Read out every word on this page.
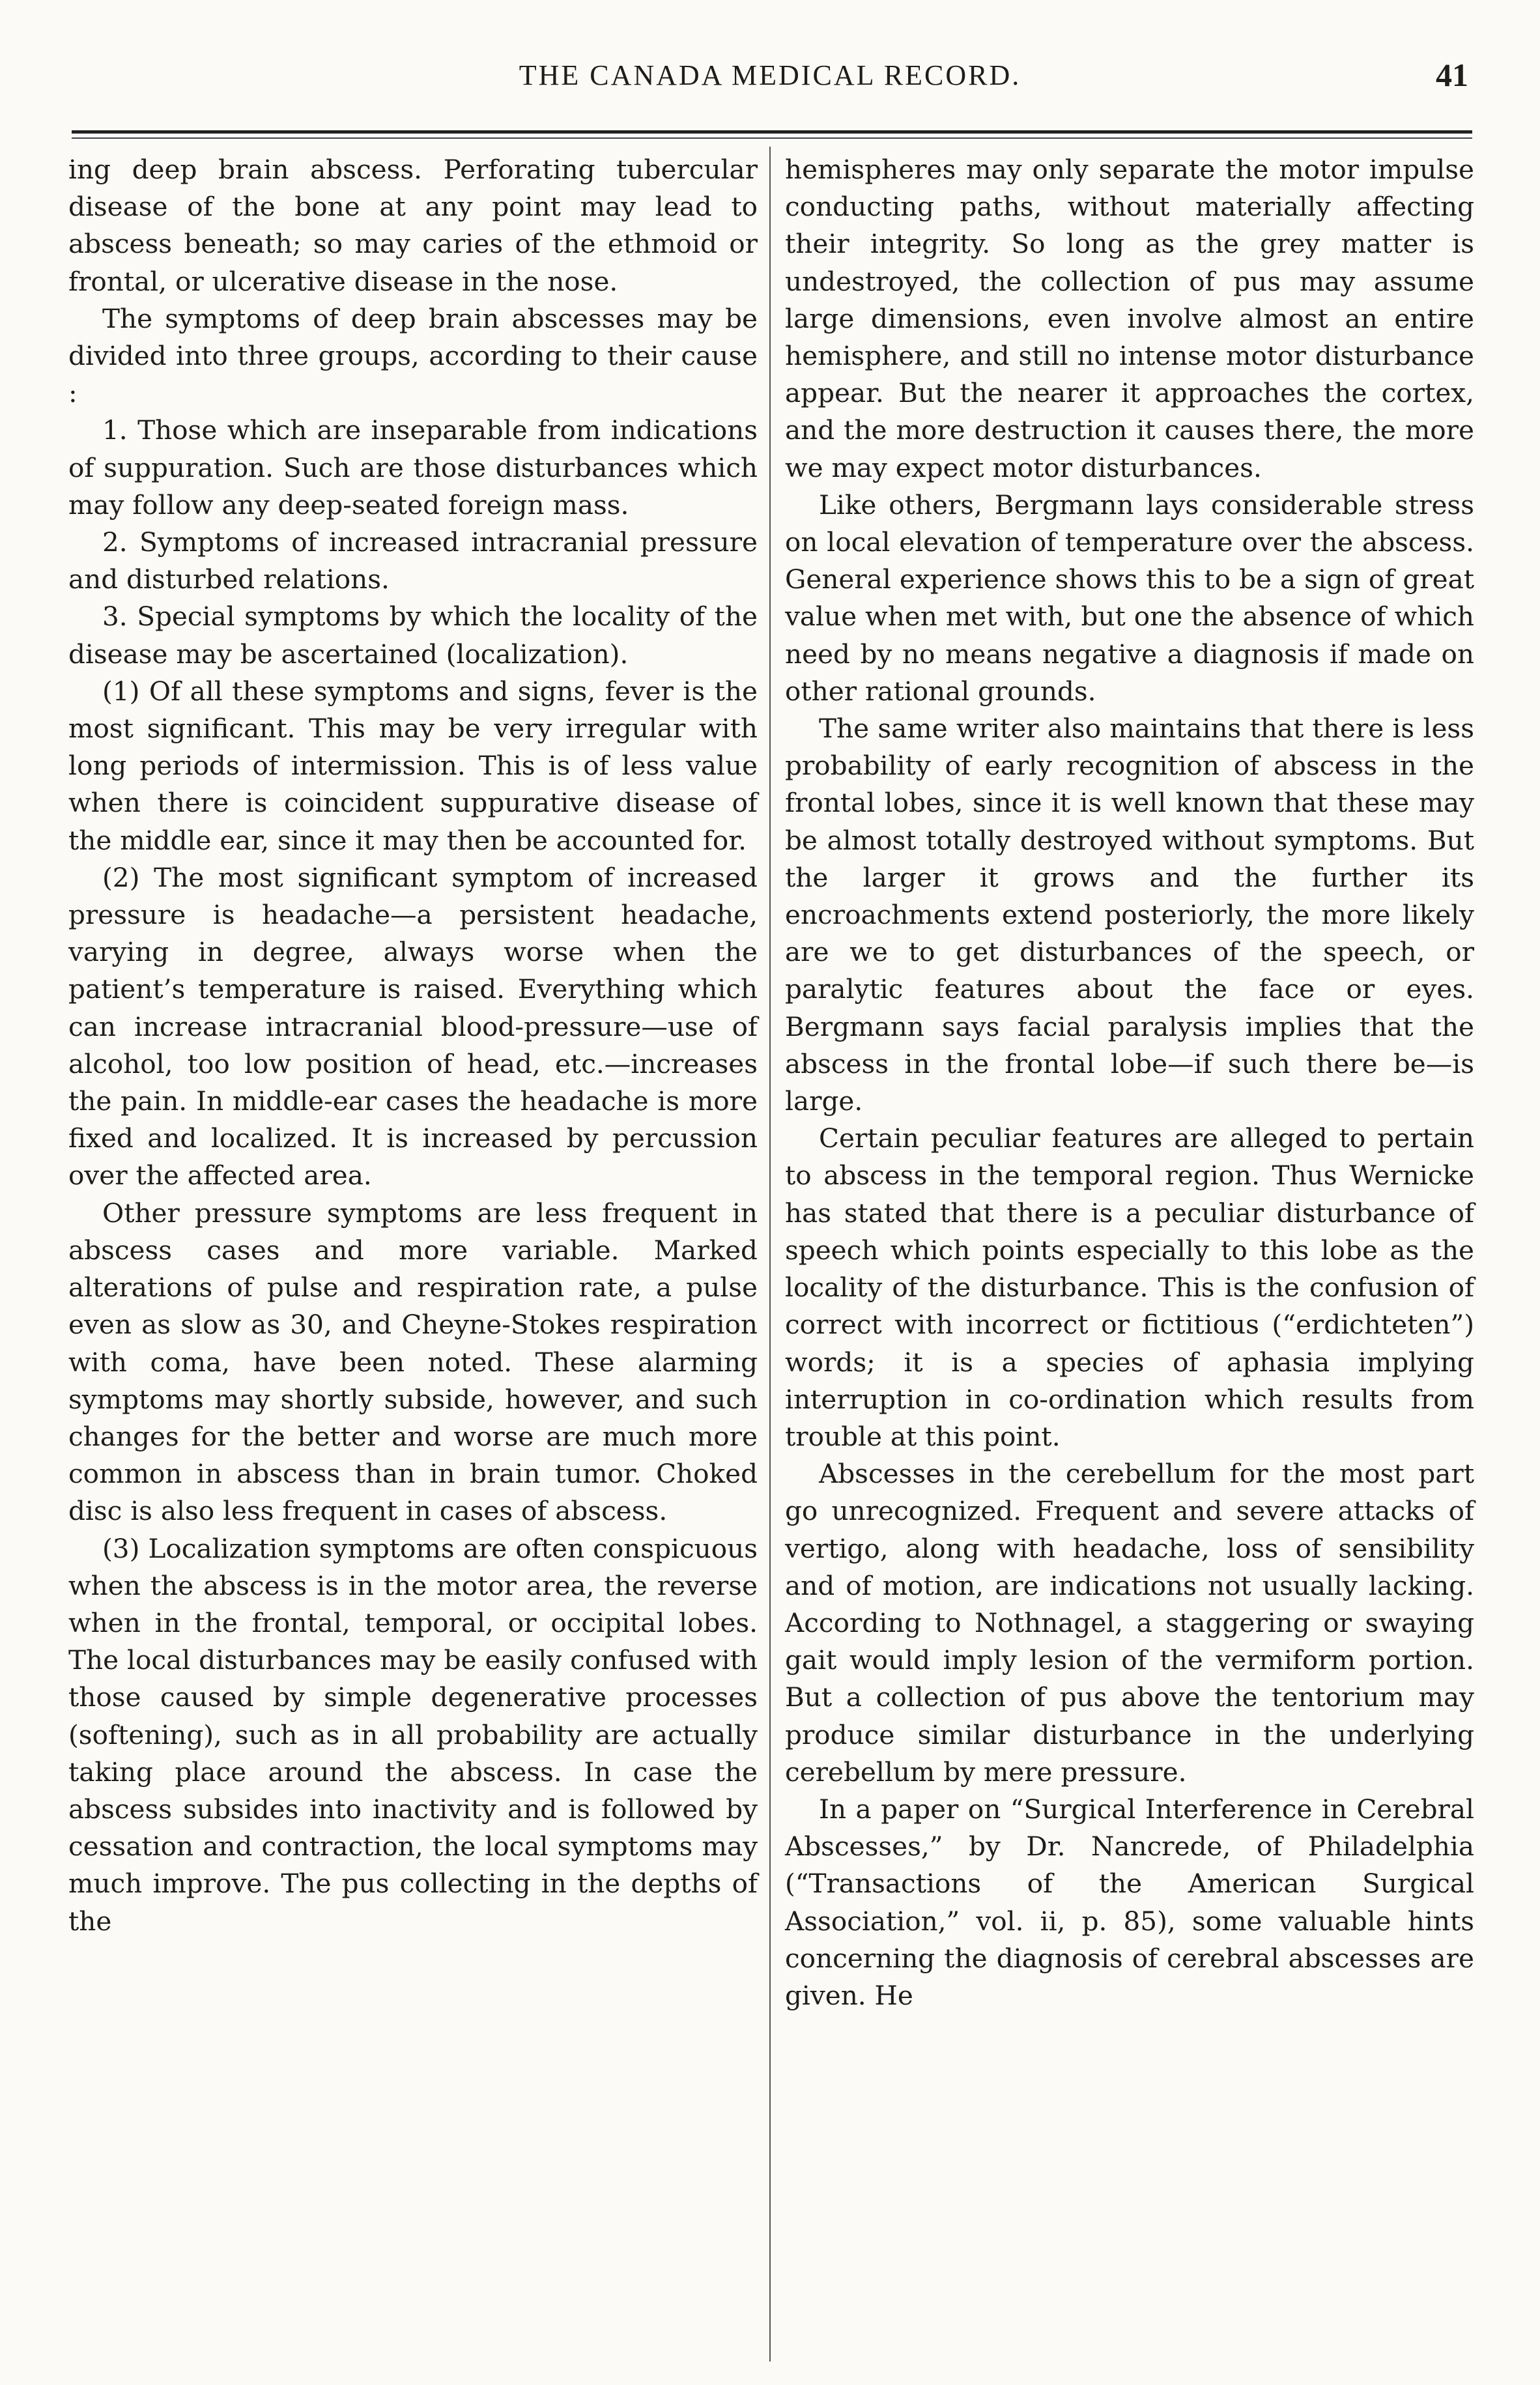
THE CANADA MEDICAL RECORD.	41

ing deep brain abscess. Perforating tubercular disease of the bone at any point may lead to abscess beneath; so may caries of the ethmoid or frontal, or ulcerative disease in the nose.

The symptoms of deep brain abscesses may be divided into three groups, according to their cause :

1. Those which are inseparable from indications of suppuration. Such are those disturbances which may follow any deep-seated foreign mass.

2. Symptoms of increased intracranial pressure and disturbed relations.

3. Special symptoms by which the locality of the disease may be ascertained (localization).

(1) Of all these symptoms and signs, fever is the most significant. This may be very irregular with long periods of intermission. This is of less value when there is coincident suppurative disease of the middle ear, since it may then be accounted for.

(2) The most significant symptom of increased pressure is headache—a persistent headache, varying in degree, always worse when the patient’s temperature is raised. Everything which can increase intracranial blood-pressure—use of alcohol, too low position of head, etc.—increases the pain. In middle-ear cases the headache is more fixed and localized. It is increased by percussion over the affected area.

Other pressure symptoms are less frequent in abscess cases and more variable. Marked alterations of pulse and respiration rate, a pulse even as slow as 30, and Cheyne-Stokes respiration with coma, have been noted. These alarming symptoms may shortly subside, however, and such changes for the better and worse are much more common in abscess than in brain tumor. Choked disc is also less frequent in cases of abscess.

(3) Localization symptoms are often conspicuous when the abscess is in the motor area, the reverse when in the frontal, temporal, or occipital lobes. The local disturbances may be easily confused with those caused by simple degenerative processes (softening), such as in all probability are actually taking place around the abscess. In case the abscess subsides into inactivity and is followed by cessation and contraction, the local symptoms may much improve. The pus collecting in the depths of the

hemispheres may only separate the motor impulse conducting paths, without materially affecting their integrity. So long as the grey matter is undestroyed, the collection of pus may assume large dimensions, even involve almost an entire hemisphere, and still no intense motor disturbance appear. But the nearer it approaches the cortex, and the more destruction it causes there, the more we may expect motor disturbances.

Like others, Bergmann lays considerable stress on local elevation of temperature over the abscess. General experience shows this to be a sign of great value when met with, but one the absence of which need by no means negative a diagnosis if made on other rational grounds.

The same writer also maintains that there is less probability of early recognition of abscess in the frontal lobes, since it is well known that these may be almost totally destroyed without symptoms. But the larger it grows and the further its encroachments extend posteriorly, the more likely are we to get disturbances of the speech, or paralytic features about the face or eyes. Bergmann says facial paralysis implies that the abscess in the frontal lobe—if such there be—is large.

Certain peculiar features are alleged to pertain to abscess in the temporal region. Thus Wernicke has stated that there is a peculiar disturbance of speech which points especially to this lobe as the locality of the disturbance. This is the confusion of correct with incorrect or fictitious (“erdichteten”) words; it is a species of aphasia implying interruption in co-ordination which results from trouble at this point.

Abscesses in the cerebellum for the most part go unrecognized. Frequent and severe attacks of vertigo, along with headache, loss of sensibility and of motion, are indications not usually lacking. According to Nothnagel, a staggering or swaying gait would imply lesion of the vermiform portion. But a collection of pus above the tentorium may produce similar disturbance in the underlying cerebellum by mere pressure.

In a paper on “Surgical Interference in Cerebral Abscesses,” by Dr. Nancrede, of Philadelphia (“Transactions of the American Surgical Association,” vol. ii, p. 85), some valuable hints concerning the diagnosis of cerebral abscesses are given. He
